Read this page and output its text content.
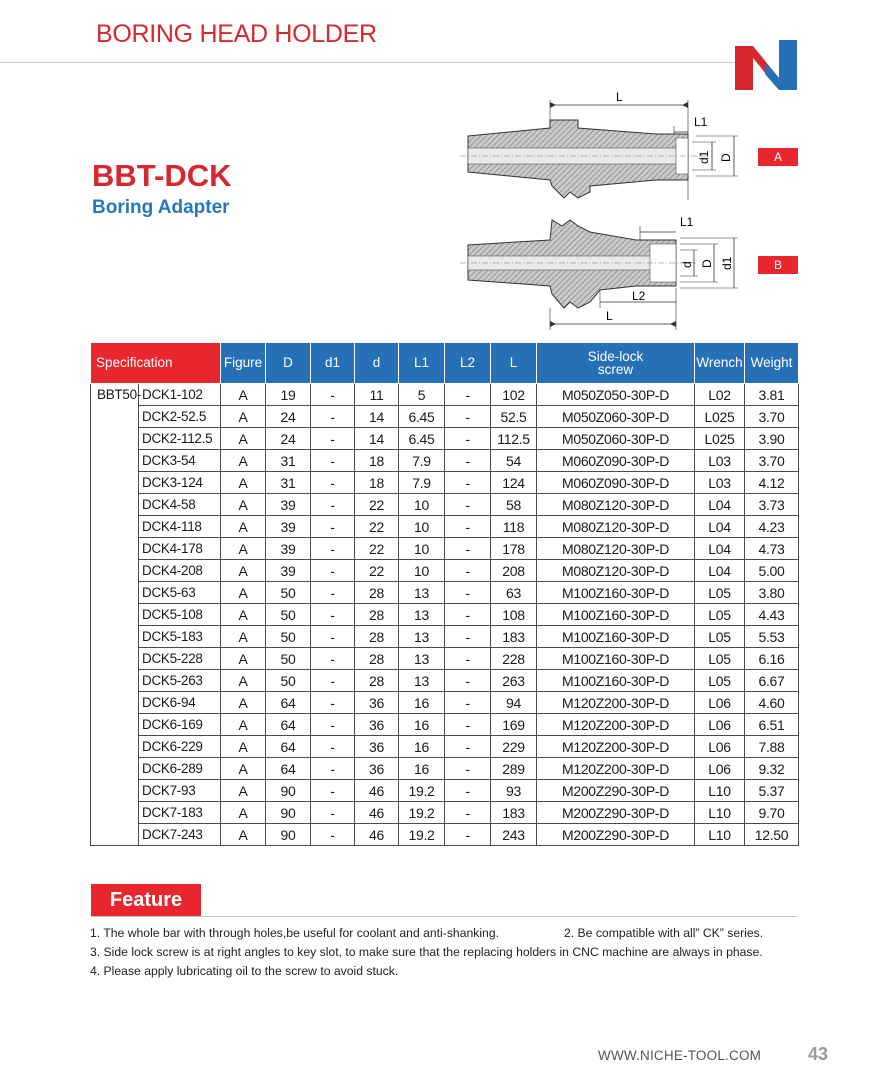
BORING HEAD HOLDER
BBT-DCK
Boring Adapter
L
L1
d1 D
L1
d D d1
L2
L
A
B
Specification		Figure	D	d1	d	L1	L2	L	Side-lock
screw	Wrench	Weight
BBT50-	DCK1-102	A	19	-	11	5	-	102	M050Z050-30P-D	L02	3.81
	DCK2-52.5	A	24	-	14	6.45	-	52.5	M050Z060-30P-D	L025	3.70
	DCK2-112.5	A	24	-	14	6.45	-	112.5	M050Z060-30P-D	L025	3.90
	DCK3-54	A	31	-	18	7.9	-	54	M060Z090-30P-D	L03	3.70
	DCK3-124	A	31	-	18	7.9	-	124	M060Z090-30P-D	L03	4.12
	DCK4-58	A	39	-	22	10	-	58	M080Z120-30P-D	L04	3.73
	DCK4-118	A	39	-	22	10	-	118	M080Z120-30P-D	L04	4.23
	DCK4-178	A	39	-	22	10	-	178	M080Z120-30P-D	L04	4.73
	DCK4-208	A	39	-	22	10	-	208	M080Z120-30P-D	L04	5.00
	DCK5-63	A	50	-	28	13	-	63	M100Z160-30P-D	L05	3.80
	DCK5-108	A	50	-	28	13	-	108	M100Z160-30P-D	L05	4.43
	DCK5-183	A	50	-	28	13	-	183	M100Z160-30P-D	L05	5.53
	DCK5-228	A	50	-	28	13	-	228	M100Z160-30P-D	L05	6.16
	DCK5-263	A	50	-	28	13	-	263	M100Z160-30P-D	L05	6.67
	DCK6-94	A	64	-	36	16	-	94	M120Z200-30P-D	L06	4.60
	DCK6-169	A	64	-	36	16	-	169	M120Z200-30P-D	L06	6.51
	DCK6-229	A	64	-	36	16	-	229	M120Z200-30P-D	L06	7.88
	DCK6-289	A	64	-	36	16	-	289	M120Z200-30P-D	L06	9.32
	DCK7-93	A	90	-	46	19.2	-	93	M200Z290-30P-D	L10	5.37
	DCK7-183	A	90	-	46	19.2	-	183	M200Z290-30P-D	L10	9.70
	DCK7-243	A	90	-	46	19.2	-	243	M200Z290-30P-D	L10	12.50
Feature
1. The whole bar with through holes,be useful for coolant and anti-shanking.	2. Be compatible with all” CK” series.
3. Side lock screw is at right angles to key slot, to make sure that the replacing holders in CNC machine are always in phase.
4. Please apply lubricating oil to the screw to avoid stuck.
WWW.NICHE-TOOL.COM	43
